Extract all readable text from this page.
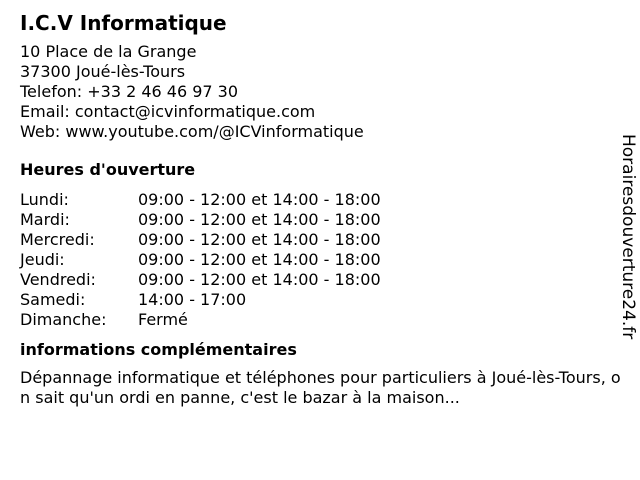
I.C.V Informatique
10 Place de la Grange
37300 Joué-lès-Tours
Telefon: +33 2 46 46 97 30
Email: contact@icvinformatique.com
Web: www.youtube.com/@ICVinformatique
Heures d'ouverture
Lundi:	09:00 - 12:00 et 14:00 - 18:00
Mardi:	09:00 - 12:00 et 14:00 - 18:00
Mercredi:	09:00 - 12:00 et 14:00 - 18:00
Jeudi:	09:00 - 12:00 et 14:00 - 18:00
Vendredi:	09:00 - 12:00 et 14:00 - 18:00
Samedi:	14:00 - 17:00
Dimanche:	Fermé
informations complémentaires
Dépannage informatique et téléphones pour particuliers à Joué-lès-Tours, on sait qu'un ordi en panne, c'est le bazar à la maison...
Horairesdouverture24.fr
